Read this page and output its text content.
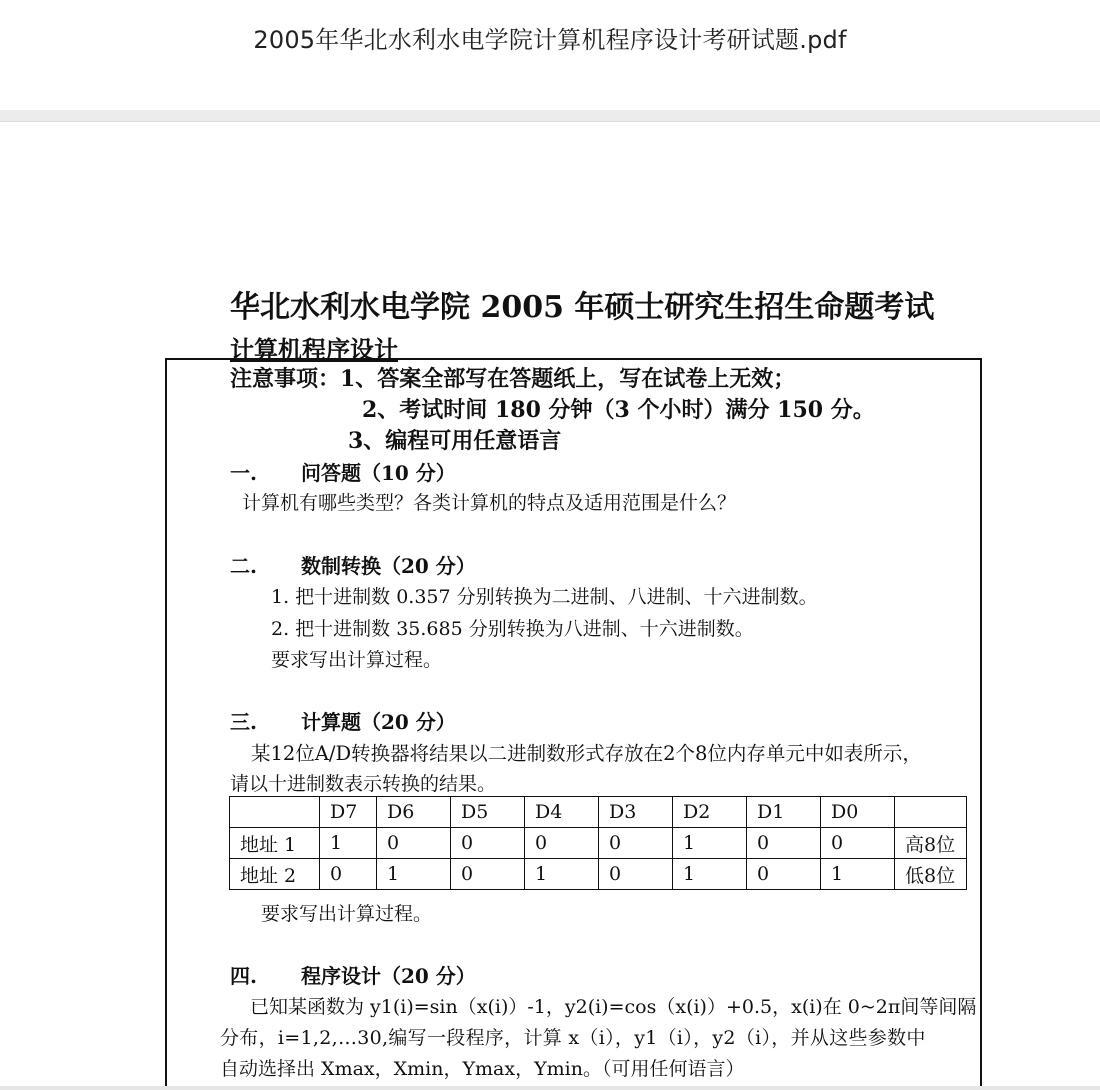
2005年华北水利水电学院计算机程序设计考研试题.pdf
华北水利水电学院 2005 年硕士研究生招生命题考试
计算机程序设计
注意事项：1、答案全部写在答题纸上，写在试卷上无效；
2、考试时间 180 分钟（3 个小时）满分 150 分。
3、编程可用任意语言
一. 问答题（10 分）
计算机有哪些类型？各类计算机的特点及适用范围是什么？
二. 数制转换（20 分）
1. 把十进制数 0.357 分别转换为二进制、八进制、十六进制数。
2. 把十进制数 35.685 分别转换为八进制、十六进制数。
要求写出计算过程。
三. 计算题（20 分）
某12位A/D转换器将结果以二进制数形式存放在2个8位内存单元中如表所示，
请以十进制数表示转换的结果。
	D7	D6	D5	D4	D3	D2	D1	D0	
地址 1	1	0	0	0	0	1	0	0	高8位
地址 2	0	1	0	1	0	1	0	1	低8位
要求写出计算过程。
四. 程序设计（20 分）
已知某函数为 y1(i)=sin（x(i)）-1，y2(i)=cos（x(i)）+0.5，x(i)在 0~2π间等间隔
分布，i=1,2,…30,编写一段程序，计算 x（i），y1（i），y2（i），并从这些参数中
自动选择出 Xmax，Xmin，Ymax，Ymin。（可用任何语言）
